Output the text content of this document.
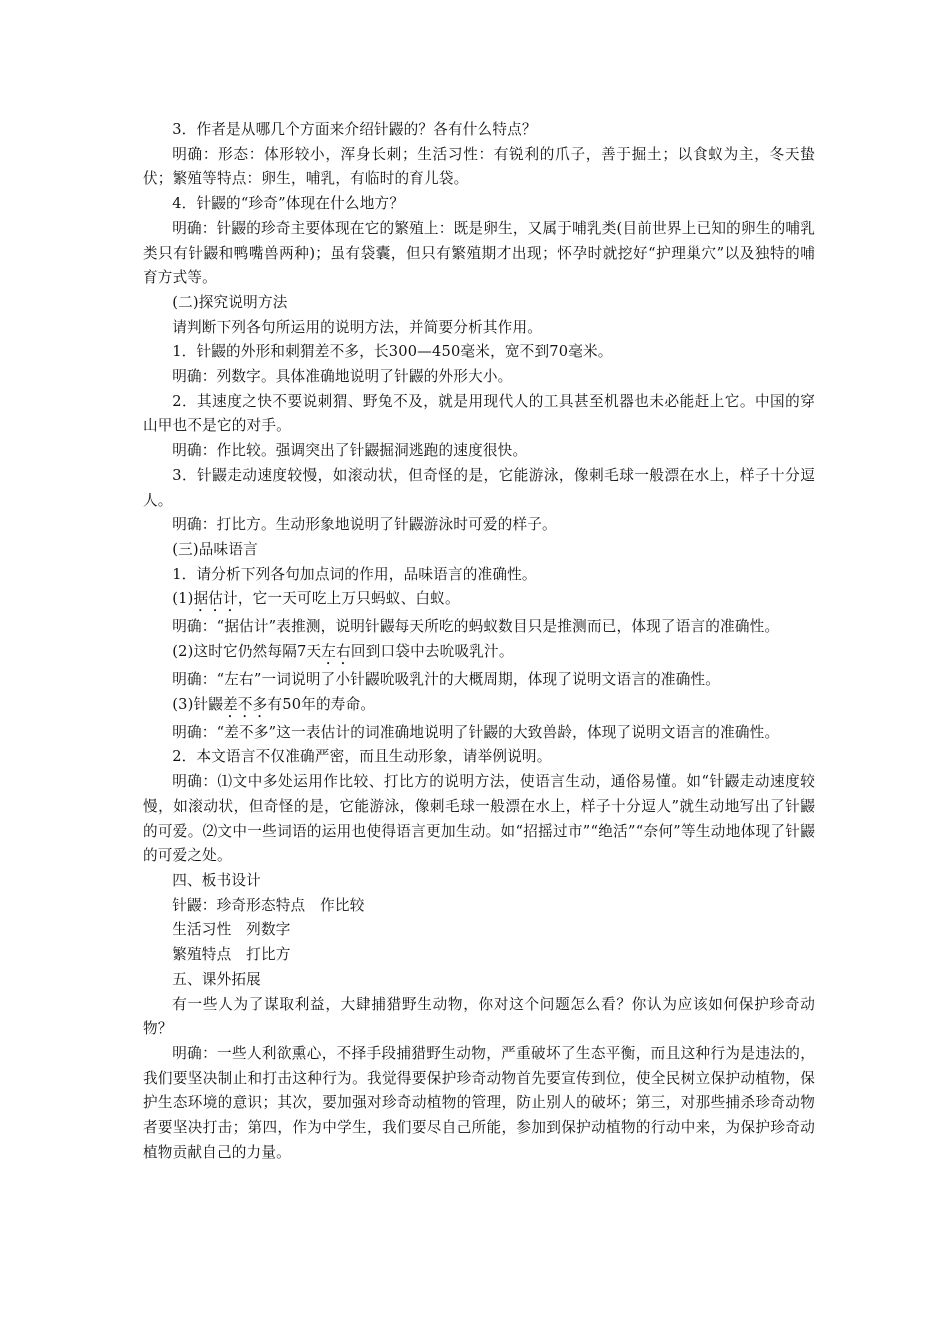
3．作者是从哪几个方面来介绍针鼹的？各有什么特点？

明确：形态：体形较小，浑身长刺；生活习性：有锐利的爪子，善于掘土；以食蚁为主，冬天蛰伏；繁殖等特点：卵生，哺乳，有临时的育儿袋。

4．针鼹的“珍奇”体现在什么地方？

明确：针鼹的珍奇主要体现在它的繁殖上：既是卵生，又属于哺乳类(目前世界上已知的卵生的哺乳类只有针鼹和鸭嘴兽两种)；虽有袋囊，但只有繁殖期才出现；怀孕时就挖好“护理巢穴”以及独特的哺育方式等。

(二)探究说明方法

请判断下列各句所运用的说明方法，并简要分析其作用。

1．针鼹的外形和刺猬差不多，长300—450毫米，宽不到70毫米。

明确：列数字。具体准确地说明了针鼹的外形大小。

2．其速度之快不要说刺猬、野兔不及，就是用现代人的工具甚至机器也未必能赶上它。中国的穿山甲也不是它的对手。

明确：作比较。强调突出了针鼹掘洞逃跑的速度很快。

3．针鼹走动速度较慢，如滚动状，但奇怪的是，它能游泳，像刺毛球一般漂在水上，样子十分逗人。

明确：打比方。生动形象地说明了针鼹游泳时可爱的样子。

(三)品味语言

1．请分析下列各句加点词的作用，品味语言的准确性。

(1)据估计，它一天可吃上万只蚂蚁、白蚁。

明确：“据估计”表推测，说明针鼹每天所吃的蚂蚁数目只是推测而已，体现了语言的准确性。

(2)这时它仍然每隔7天左右回到口袋中去吮吸乳汁。

明确：“左右”一词说明了小针鼹吮吸乳汁的大概周期，体现了说明文语言的准确性。

(3)针鼹差不多有50年的寿命。

明确：“差不多”这一表估计的词准确地说明了针鼹的大致兽龄，体现了说明文语言的准确性。

2．本文语言不仅准确严密，而且生动形象，请举例说明。

明确：⑴文中多处运用作比较、打比方的说明方法，使语言生动，通俗易懂。如“针鼹走动速度较慢，如滚动状，但奇怪的是，它能游泳，像刺毛球一般漂在水上，样子十分逗人”就生动地写出了针鼹的可爱。⑵文中一些词语的运用也使得语言更加生动。如“招摇过市”“绝活”“奈何”等生动地体现了针鼹的可爱之处。

四、板书设计

针鼹：珍奇形态特点　作比较

生活习性　列数字

繁殖特点　打比方

五、课外拓展

有一些人为了谋取利益，大肆捕猎野生动物，你对这个问题怎么看？你认为应该如何保护珍奇动物？

明确：一些人利欲熏心，不择手段捕猎野生动物，严重破坏了生态平衡，而且这种行为是违法的，我们要坚决制止和打击这种行为。我觉得要保护珍奇动物首先要宣传到位，使全民树立保护动植物，保护生态环境的意识；其次，要加强对珍奇动植物的管理，防止别人的破坏；第三，对那些捕杀珍奇动物者要坚决打击；第四，作为中学生，我们要尽自己所能，参加到保护动植物的行动中来，为保护珍奇动植物贡献自己的力量。
